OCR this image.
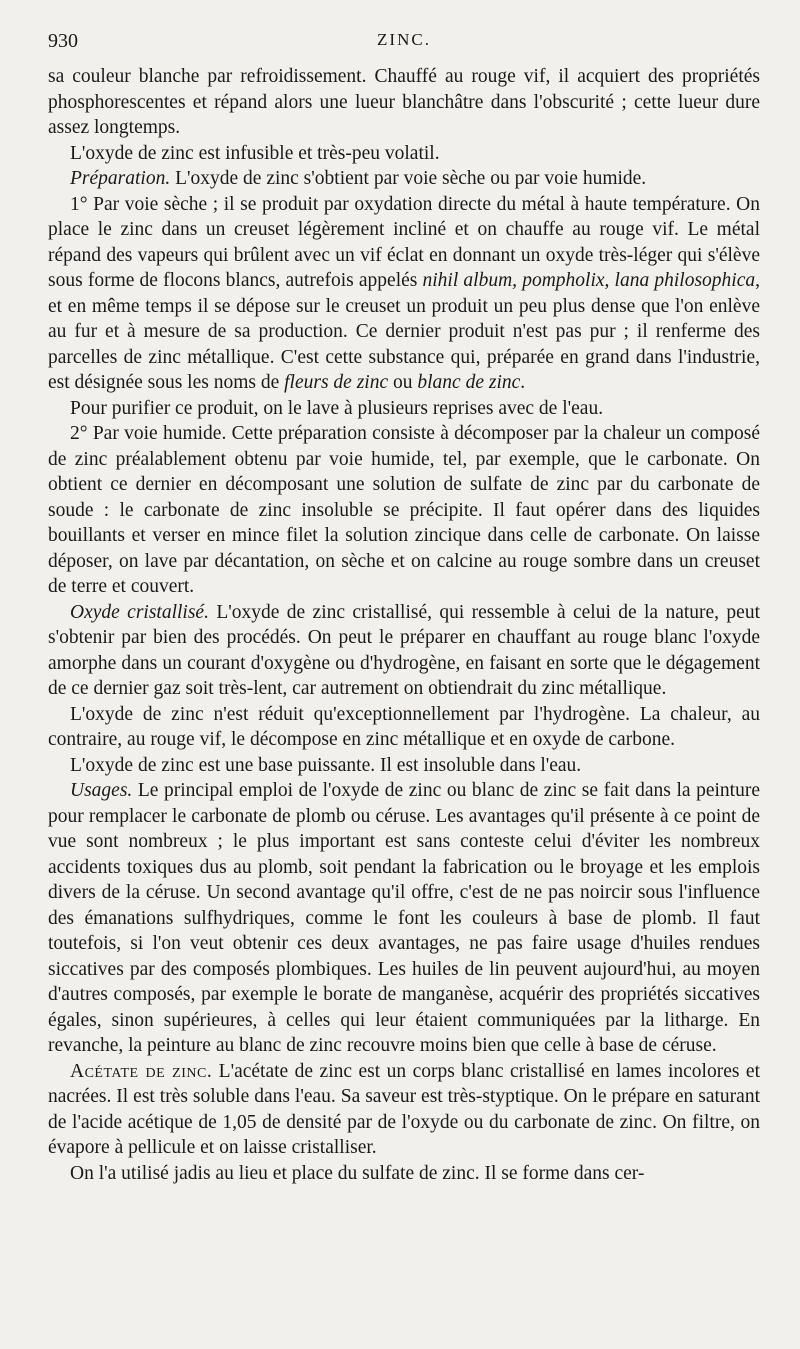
930	ZINC.

sa couleur blanche par refroidissement. Chauffé au rouge vif, il acquiert des propriétés phosphorescentes et répand alors une lueur blanchâtre dans l'obscurité ; cette lueur dure assez longtemps.

L'oxyde de zinc est infusible et très-peu volatil.

Préparation. L'oxyde de zinc s'obtient par voie sèche ou par voie humide.

1° Par voie sèche ; il se produit par oxydation directe du métal à haute température. On place le zinc dans un creuset légèrement incliné et on chauffe au rouge vif. Le métal répand des vapeurs qui brûlent avec un vif éclat en donnant un oxyde très-léger qui s'élève sous forme de flocons blancs, autrefois appelés nihil album, pompholix, lana philosophica, et en même temps il se dépose sur le creuset un produit un peu plus dense que l'on enlève au fur et à mesure de sa production. Ce dernier produit n'est pas pur ; il renferme des parcelles de zinc métallique. C'est cette substance qui, préparée en grand dans l'industrie, est désignée sous les noms de fleurs de zinc ou blanc de zinc.

Pour purifier ce produit, on le lave à plusieurs reprises avec de l'eau.

2° Par voie humide. Cette préparation consiste à décomposer par la chaleur un composé de zinc préalablement obtenu par voie humide, tel, par exemple, que le carbonate. On obtient ce dernier en décomposant une solution de sulfate de zinc par du carbonate de soude : le carbonate de zinc insoluble se précipite. Il faut opérer dans des liquides bouillants et verser en mince filet la solution zincique dans celle de carbonate. On laisse déposer, on lave par décantation, on sèche et on calcine au rouge sombre dans un creuset de terre et couvert.

Oxyde cristallisé. L'oxyde de zinc cristallisé, qui ressemble à celui de la nature, peut s'obtenir par bien des procédés. On peut le préparer en chauffant au rouge blanc l'oxyde amorphe dans un courant d'oxygène ou d'hydrogène, en faisant en sorte que le dégagement de ce dernier gaz soit très-lent, car autrement on obtiendrait du zinc métallique.

L'oxyde de zinc n'est réduit qu'exceptionnellement par l'hydrogène. La chaleur, au contraire, au rouge vif, le décompose en zinc métallique et en oxyde de carbone.

L'oxyde de zinc est une base puissante. Il est insoluble dans l'eau.

Usages. Le principal emploi de l'oxyde de zinc ou blanc de zinc se fait dans la peinture pour remplacer le carbonate de plomb ou céruse. Les avantages qu'il présente à ce point de vue sont nombreux ; le plus important est sans conteste celui d'éviter les nombreux accidents toxiques dus au plomb, soit pendant la fabrication ou le broyage et les emplois divers de la céruse. Un second avantage qu'il offre, c'est de ne pas noircir sous l'influence des émanations sulfhydriques, comme le font les couleurs à base de plomb. Il faut toutefois, si l'on veut obtenir ces deux avantages, ne pas faire usage d'huiles rendues siccatives par des composés plombiques. Les huiles de lin peuvent aujourd'hui, au moyen d'autres composés, par exemple le borate de manganèse, acquérir des propriétés siccatives égales, sinon supérieures, à celles qui leur étaient communiquées par la litharge. En revanche, la peinture au blanc de zinc recouvre moins bien que celle à base de céruse.

Acétate de zinc. L'acétate de zinc est un corps blanc cristallisé en lames incolores et nacrées. Il est très soluble dans l'eau. Sa saveur est très-styptique. On le prépare en saturant de l'acide acétique de 1,05 de densité par de l'oxyde ou du carbonate de zinc. On filtre, on évapore à pellicule et on laisse cristalliser.

On l'a utilisé jadis au lieu et place du sulfate de zinc. Il se forme dans cer-
